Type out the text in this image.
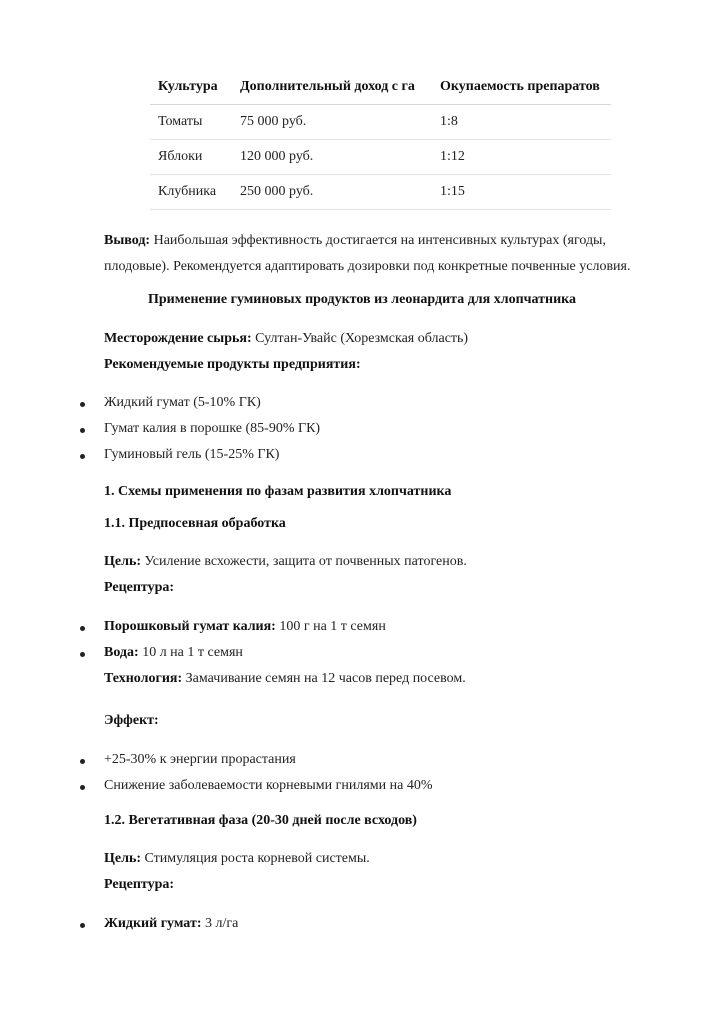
Культура	Дополнительный доход с га	Окупаемость препаратов
Томаты	75 000 руб.	1:8
Яблоки	120 000 руб.	1:12
Клубника	250 000 руб.	1:15
Вывод: Наибольшая эффективность достигается на интенсивных культурах (ягоды, плодовые). Рекомендуется адаптировать дозировки под конкретные почвенные условия.
Применение гуминовых продуктов из леонардита для хлопчатника
Месторождение сырья: Султан-Увайс (Хорезмская область)
Рекомендуемые продукты предприятия:
Жидкий гумат (5-10% ГК)
Гумат калия в порошке (85-90% ГК)
Гуминовый гель (15-25% ГК)
1. Схемы применения по фазам развития хлопчатника
1.1. Предпосевная обработка
Цель: Усиление всхожести, защита от почвенных патогенов.
Рецептура:
Порошковый гумат калия: 100 г на 1 т семян
Вода: 10 л на 1 т семян
Технология: Замачивание семян на 12 часов перед посевом.
Эффект:
+25-30% к энергии прорастания
Снижение заболеваемости корневыми гнилями на 40%
1.2. Вегетативная фаза (20-30 дней после всходов)
Цель: Стимуляция роста корневой системы.
Рецептура:
Жидкий гумат: 3 л/га
